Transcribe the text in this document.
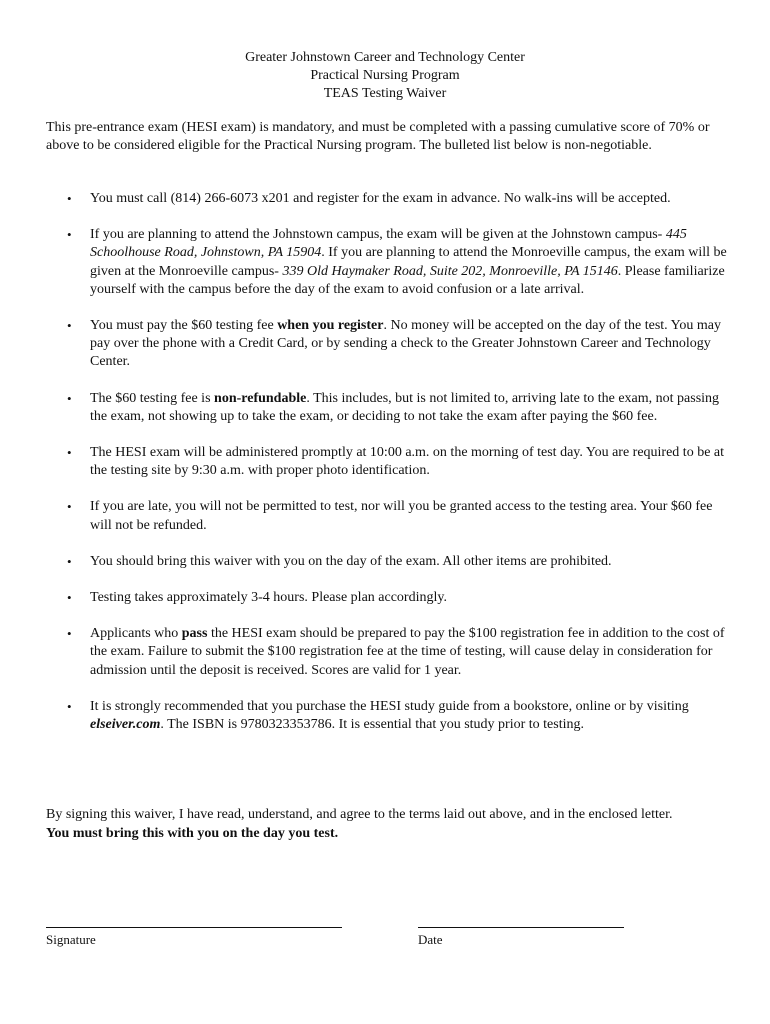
Greater Johnstown Career and Technology Center
Practical Nursing Program
TEAS Testing Waiver

This pre-entrance exam (HESI exam) is mandatory, and must be completed with a passing cumulative score of 70% or above to be considered eligible for the Practical Nursing program. The bulleted list below is non-negotiable.

• You must call (814) 266-6073 x201 and register for the exam in advance. No walk-ins will be accepted.
• If you are planning to attend the Johnstown campus, the exam will be given at the Johnstown campus- 445 Schoolhouse Road, Johnstown, PA 15904. If you are planning to attend the Monroeville campus, the exam will be given at the Monroeville campus- 339 Old Haymaker Road, Suite 202, Monroeville, PA 15146. Please familiarize yourself with the campus before the day of the exam to avoid confusion or a late arrival.
• You must pay the $60 testing fee when you register. No money will be accepted on the day of the test. You may pay over the phone with a Credit Card, or by sending a check to the Greater Johnstown Career and Technology Center.
• The $60 testing fee is non-refundable. This includes, but is not limited to, arriving late to the exam, not passing the exam, not showing up to take the exam, or deciding to not take the exam after paying the $60 fee.
• The HESI exam will be administered promptly at 10:00 a.m. on the morning of test day. You are required to be at the testing site by 9:30 a.m. with proper photo identification.
• If you are late, you will not be permitted to test, nor will you be granted access to the testing area. Your $60 fee will not be refunded.
• You should bring this waiver with you on the day of the exam. All other items are prohibited.
• Testing takes approximately 3-4 hours. Please plan accordingly.
• Applicants who pass the HESI exam should be prepared to pay the $100 registration fee in addition to the cost of the exam. Failure to submit the $100 registration fee at the time of testing, will cause delay in consideration for admission until the deposit is received. Scores are valid for 1 year.
• It is strongly recommended that you purchase the HESI study guide from a bookstore, online or by visiting elseiver.com. The ISBN is 9780323353786. It is essential that you study prior to testing.
By signing this waiver, I have read, understand, and agree to the terms laid out above, and in the enclosed letter.
You must bring this with you on the day you test.
Signature	Date
